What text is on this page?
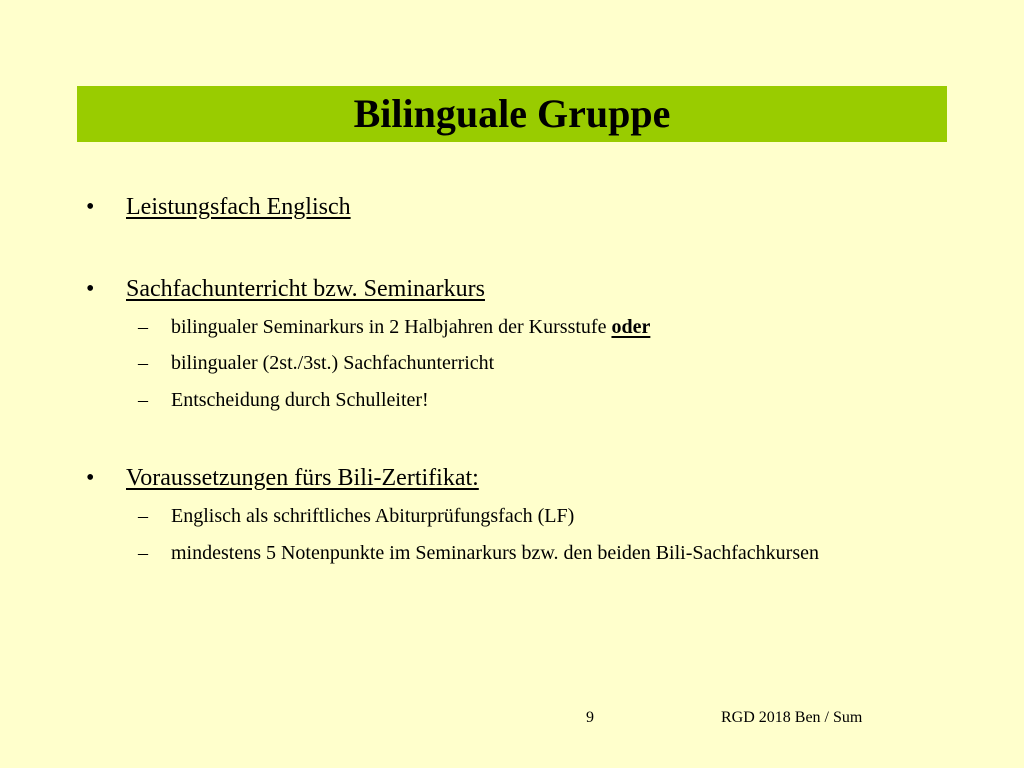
Bilinguale Gruppe
•	Leistungsfach Englisch
•	Sachfachunterricht bzw. Seminarkurs
–	bilingualer Seminarkurs in 2 Halbjahren der Kursstufe oder
–	bilingualer (2st./3st.) Sachfachunterricht
–	Entscheidung durch Schulleiter!
•	Voraussetzungen fürs Bili-Zertifikat:
–	Englisch als schriftliches Abiturprüfungsfach (LF)
–	mindestens 5 Notenpunkte im Seminarkurs bzw. den beiden Bili-Sachfachkursen
9	RGD 2018 Ben / Sum
